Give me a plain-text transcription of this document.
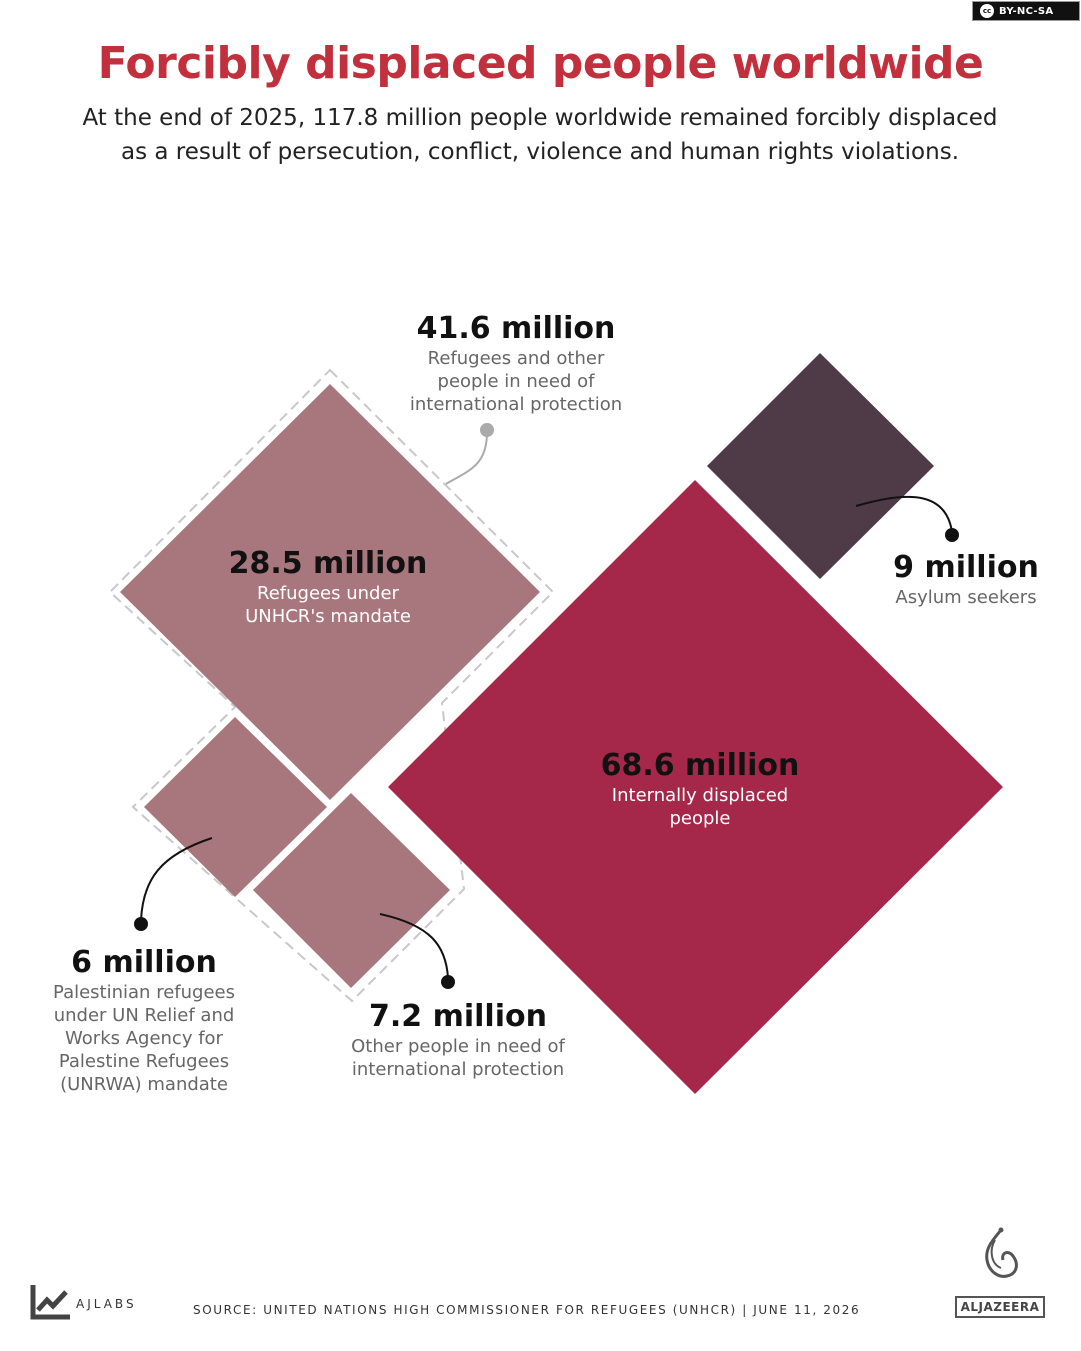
cc BY-NC-SA
Forcibly displaced people worldwide
At the end of 2025, 117.8 million people worldwide remained forcibly displaced
as a result of persecution, conflict, violence and human rights violations.
41.6 million
Refugees and other
people in need of
international protection
28.5 million
Refugees under
UNHCR's mandate
68.6 million
Internally displaced
people
9 million
Asylum seekers
6 million
Palestinian refugees
under UN Relief and
Works Agency for
Palestine Refugees
(UNRWA) mandate
7.2 million
Other people in need of
international protection
AJLABS	SOURCE: UNITED NATIONS HIGH COMMISSIONER FOR REFUGEES (UNHCR) | JUNE 11, 2026	ALJAZEERA
